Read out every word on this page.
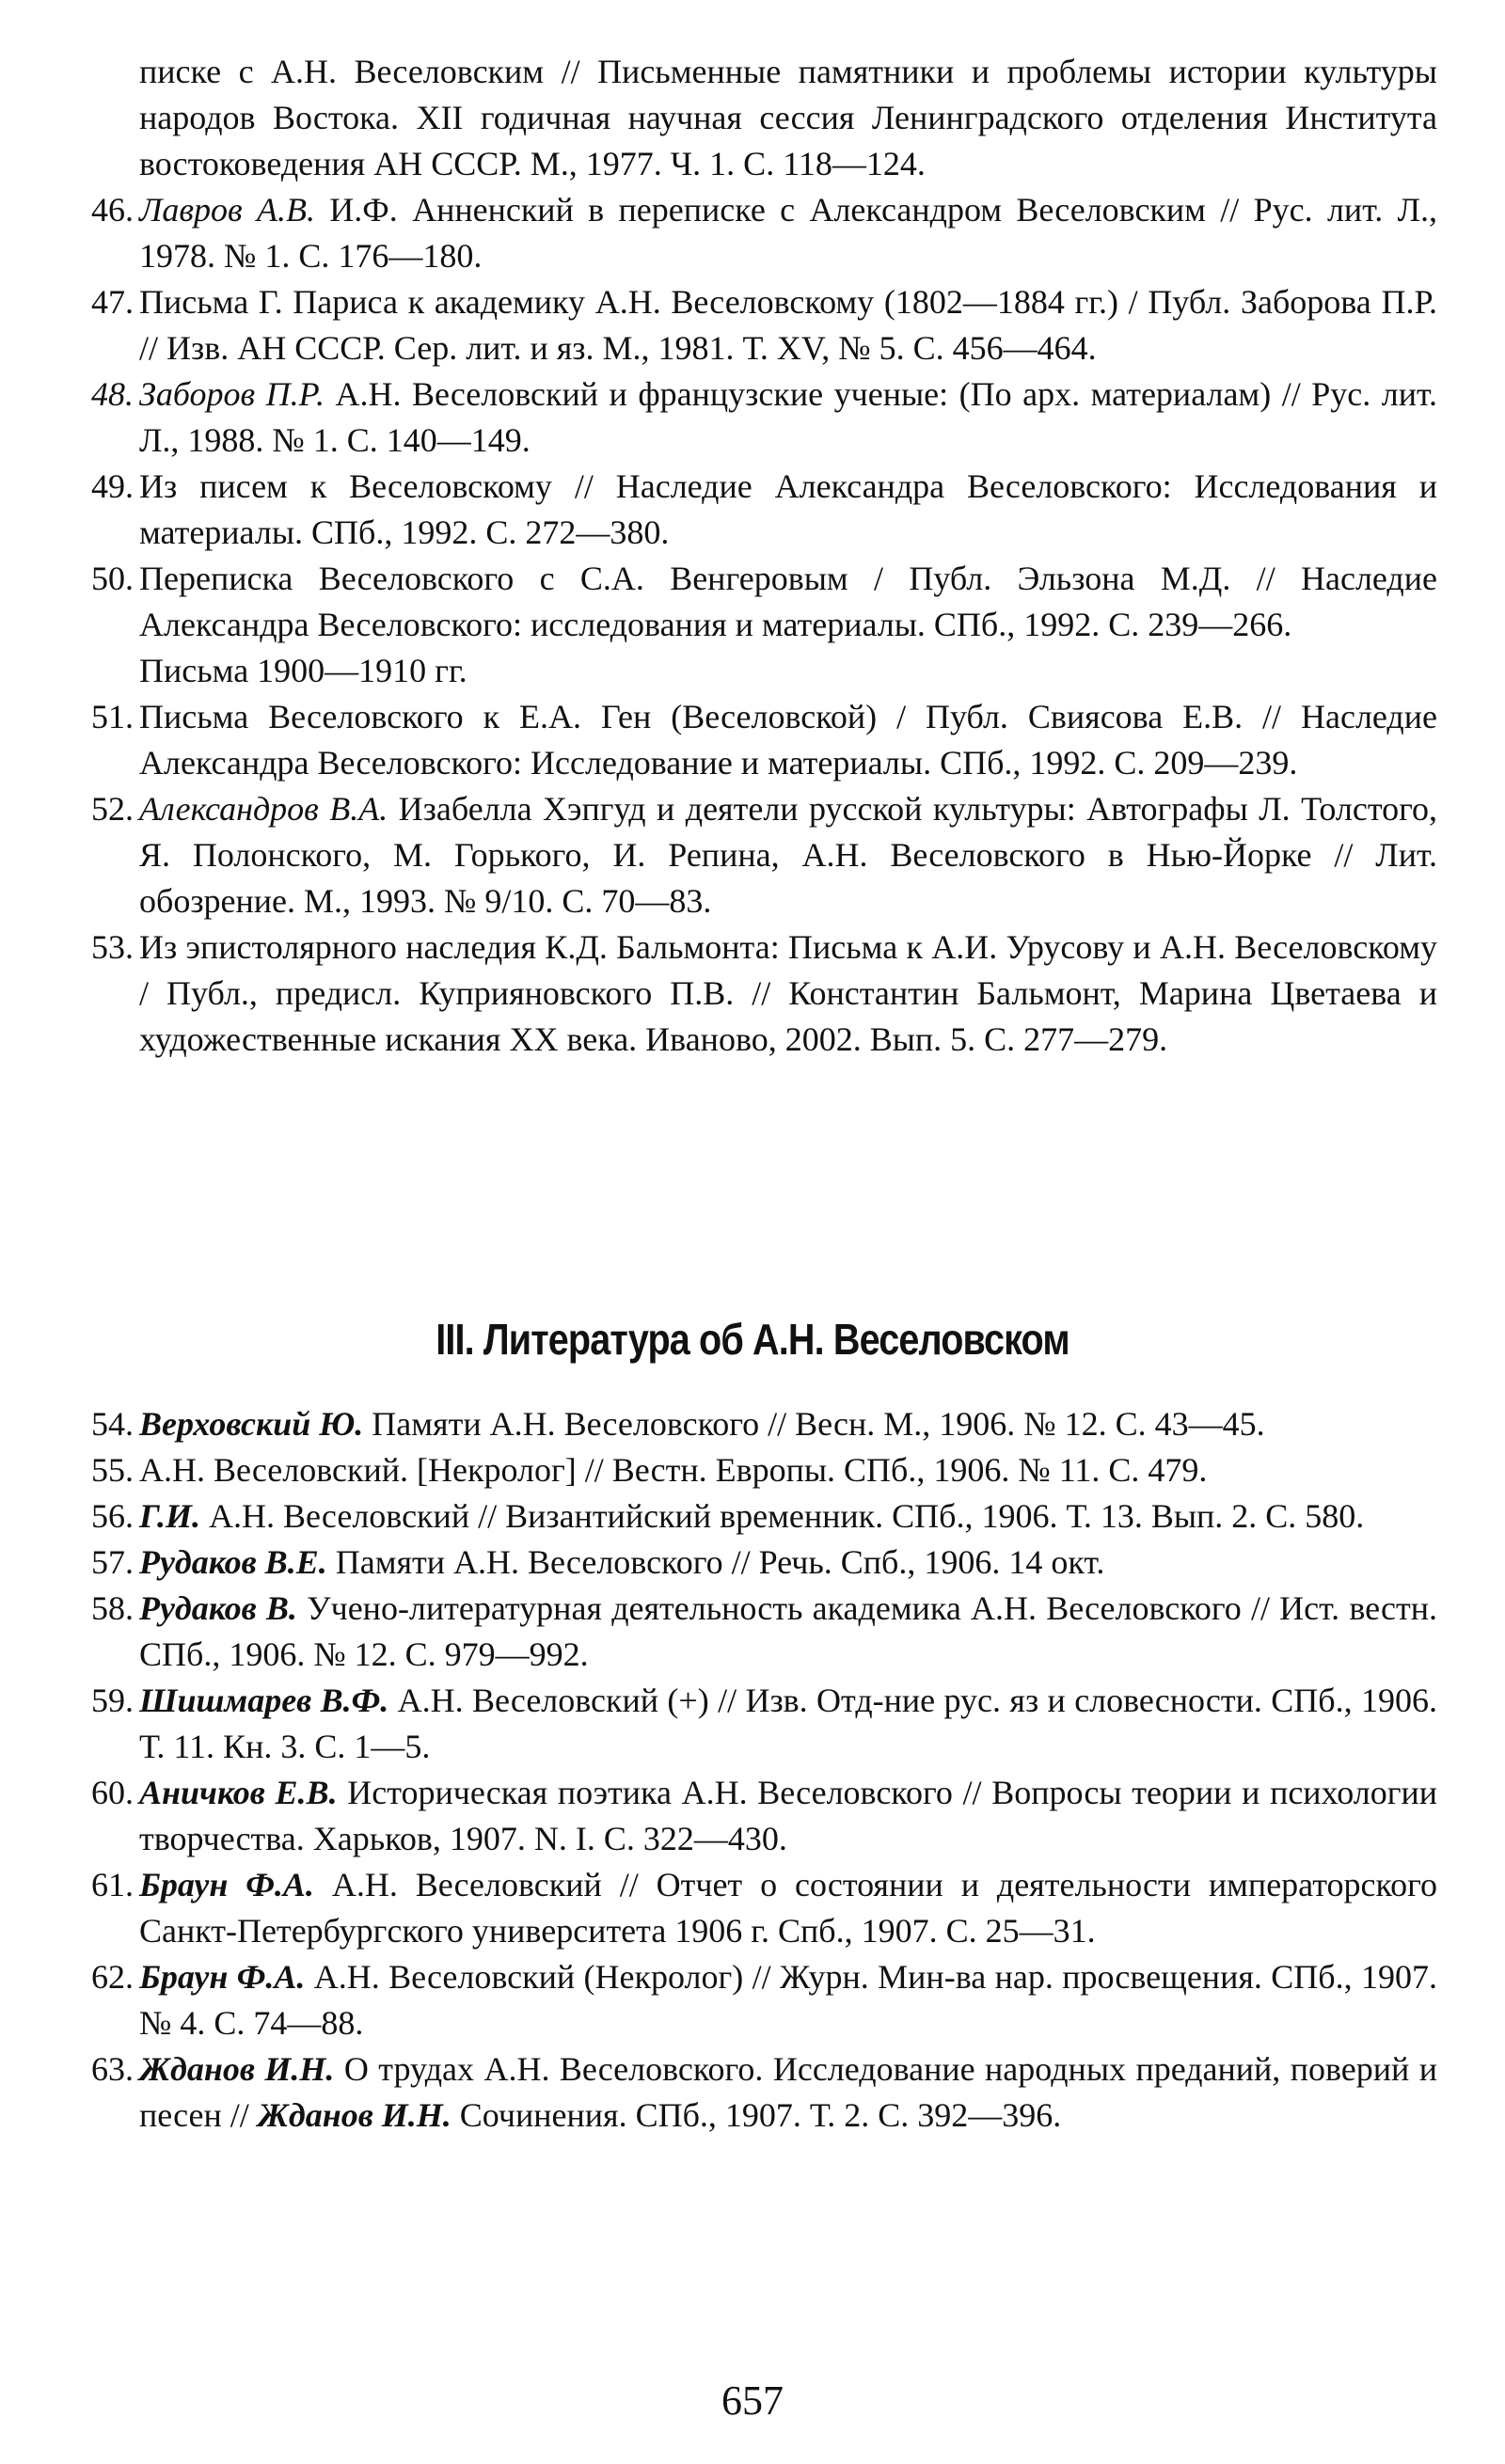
писке с А.Н. Веселовским // Письменные памятники и проблемы истории культуры народов Востока. XII годичная научная сессия Ленинградского отделения Института востоковедения АН СССР. М., 1977. Ч. 1. С. 118—124.
46. Лавров А.В. И.Ф. Анненский в переписке с Александром Веселовским // Рус. лит. Л., 1978. № 1. С. 176—180.
47. Письма Г. Париса к академику А.Н. Веселовскому (1802—1884 гг.) / Публ. Заборова П.Р. // Изв. АН СССР. Сер. лит. и яз. М., 1981. Т. XV, № 5. С. 456—464.
48. Заборов П.Р. А.Н. Веселовский и французские ученые: (По арх. материалам) // Рус. лит. Л., 1988. № 1. С. 140—149.
49. Из писем к Веселовскому // Наследие Александра Веселовского: Исследования и материалы. СПб., 1992. С. 272—380.
50. Переписка Веселовского с С.А. Венгеровым / Публ. Эльзона М.Д. // Наследие Александра Веселовского: исследования и материалы. СПб., 1992. С. 239—266.
Письма 1900—1910 гг.
51. Письма Веселовского к Е.А. Ген (Веселовской) / Публ. Свиясова Е.В. // Наследие Александра Веселовского: Исследование и материалы. СПб., 1992. С. 209—239.
52. Александров В.А. Изабелла Хэпгуд и деятели русской культуры: Автографы Л. Толстого, Я. Полонского, М. Горького, И. Репина, А.Н. Веселовского в Нью-Йорке // Лит. обозрение. М., 1993. № 9/10. С. 70—83.
53. Из эпистолярного наследия К.Д. Бальмонта: Письма к А.И. Урусову и А.Н. Веселовскому / Публ., предисл. Куприяновского П.В. // Константин Бальмонт, Марина Цветаева и художественные искания XX века. Иваново, 2002. Вып. 5. С. 277—279.
III. Литература об А.Н. Веселовском
54. Верховский Ю. Памяти А.Н. Веселовского // Весн. М., 1906. № 12. С. 43—45.
55. А.Н. Веселовский. [Некролог] // Вестн. Европы. СПб., 1906. № 11. С. 479.
56. Г.И. А.Н. Веселовский // Византийский временник. СПб., 1906. Т. 13. Вып. 2. С. 580.
57. Рудаков В.Е. Памяти А.Н. Веселовского // Речь. Спб., 1906. 14 окт.
58. Рудаков В. Учено-литературная деятельность академика А.Н. Веселовского // Ист. вестн. СПб., 1906. № 12. С. 979—992.
59. Шишмарев В.Ф. А.Н. Веселовский (+) // Изв. Отд-ние рус. яз и словесности. СПб., 1906. Т. 11. Кн. 3. С. 1—5.
60. Аничков Е.В. Историческая поэтика А.Н. Веселовского // Вопросы теории и психологии творчества. Харьков, 1907. N. I. С. 322—430.
61. Браун Ф.А. А.Н. Веселовский // Отчет о состоянии и деятельности императорского Санкт-Петербургского университета 1906 г. Спб., 1907. С. 25—31.
62. Браун Ф.А. А.Н. Веселовский (Некролог) // Журн. Мин-ва нар. просвещения. СПб., 1907. № 4. С. 74—88.
63. Жданов И.Н. О трудах А.Н. Веселовского. Исследование народных преданий, поверий и песен // Жданов И.Н. Сочинения. СПб., 1907. Т. 2. С. 392—396.
657
